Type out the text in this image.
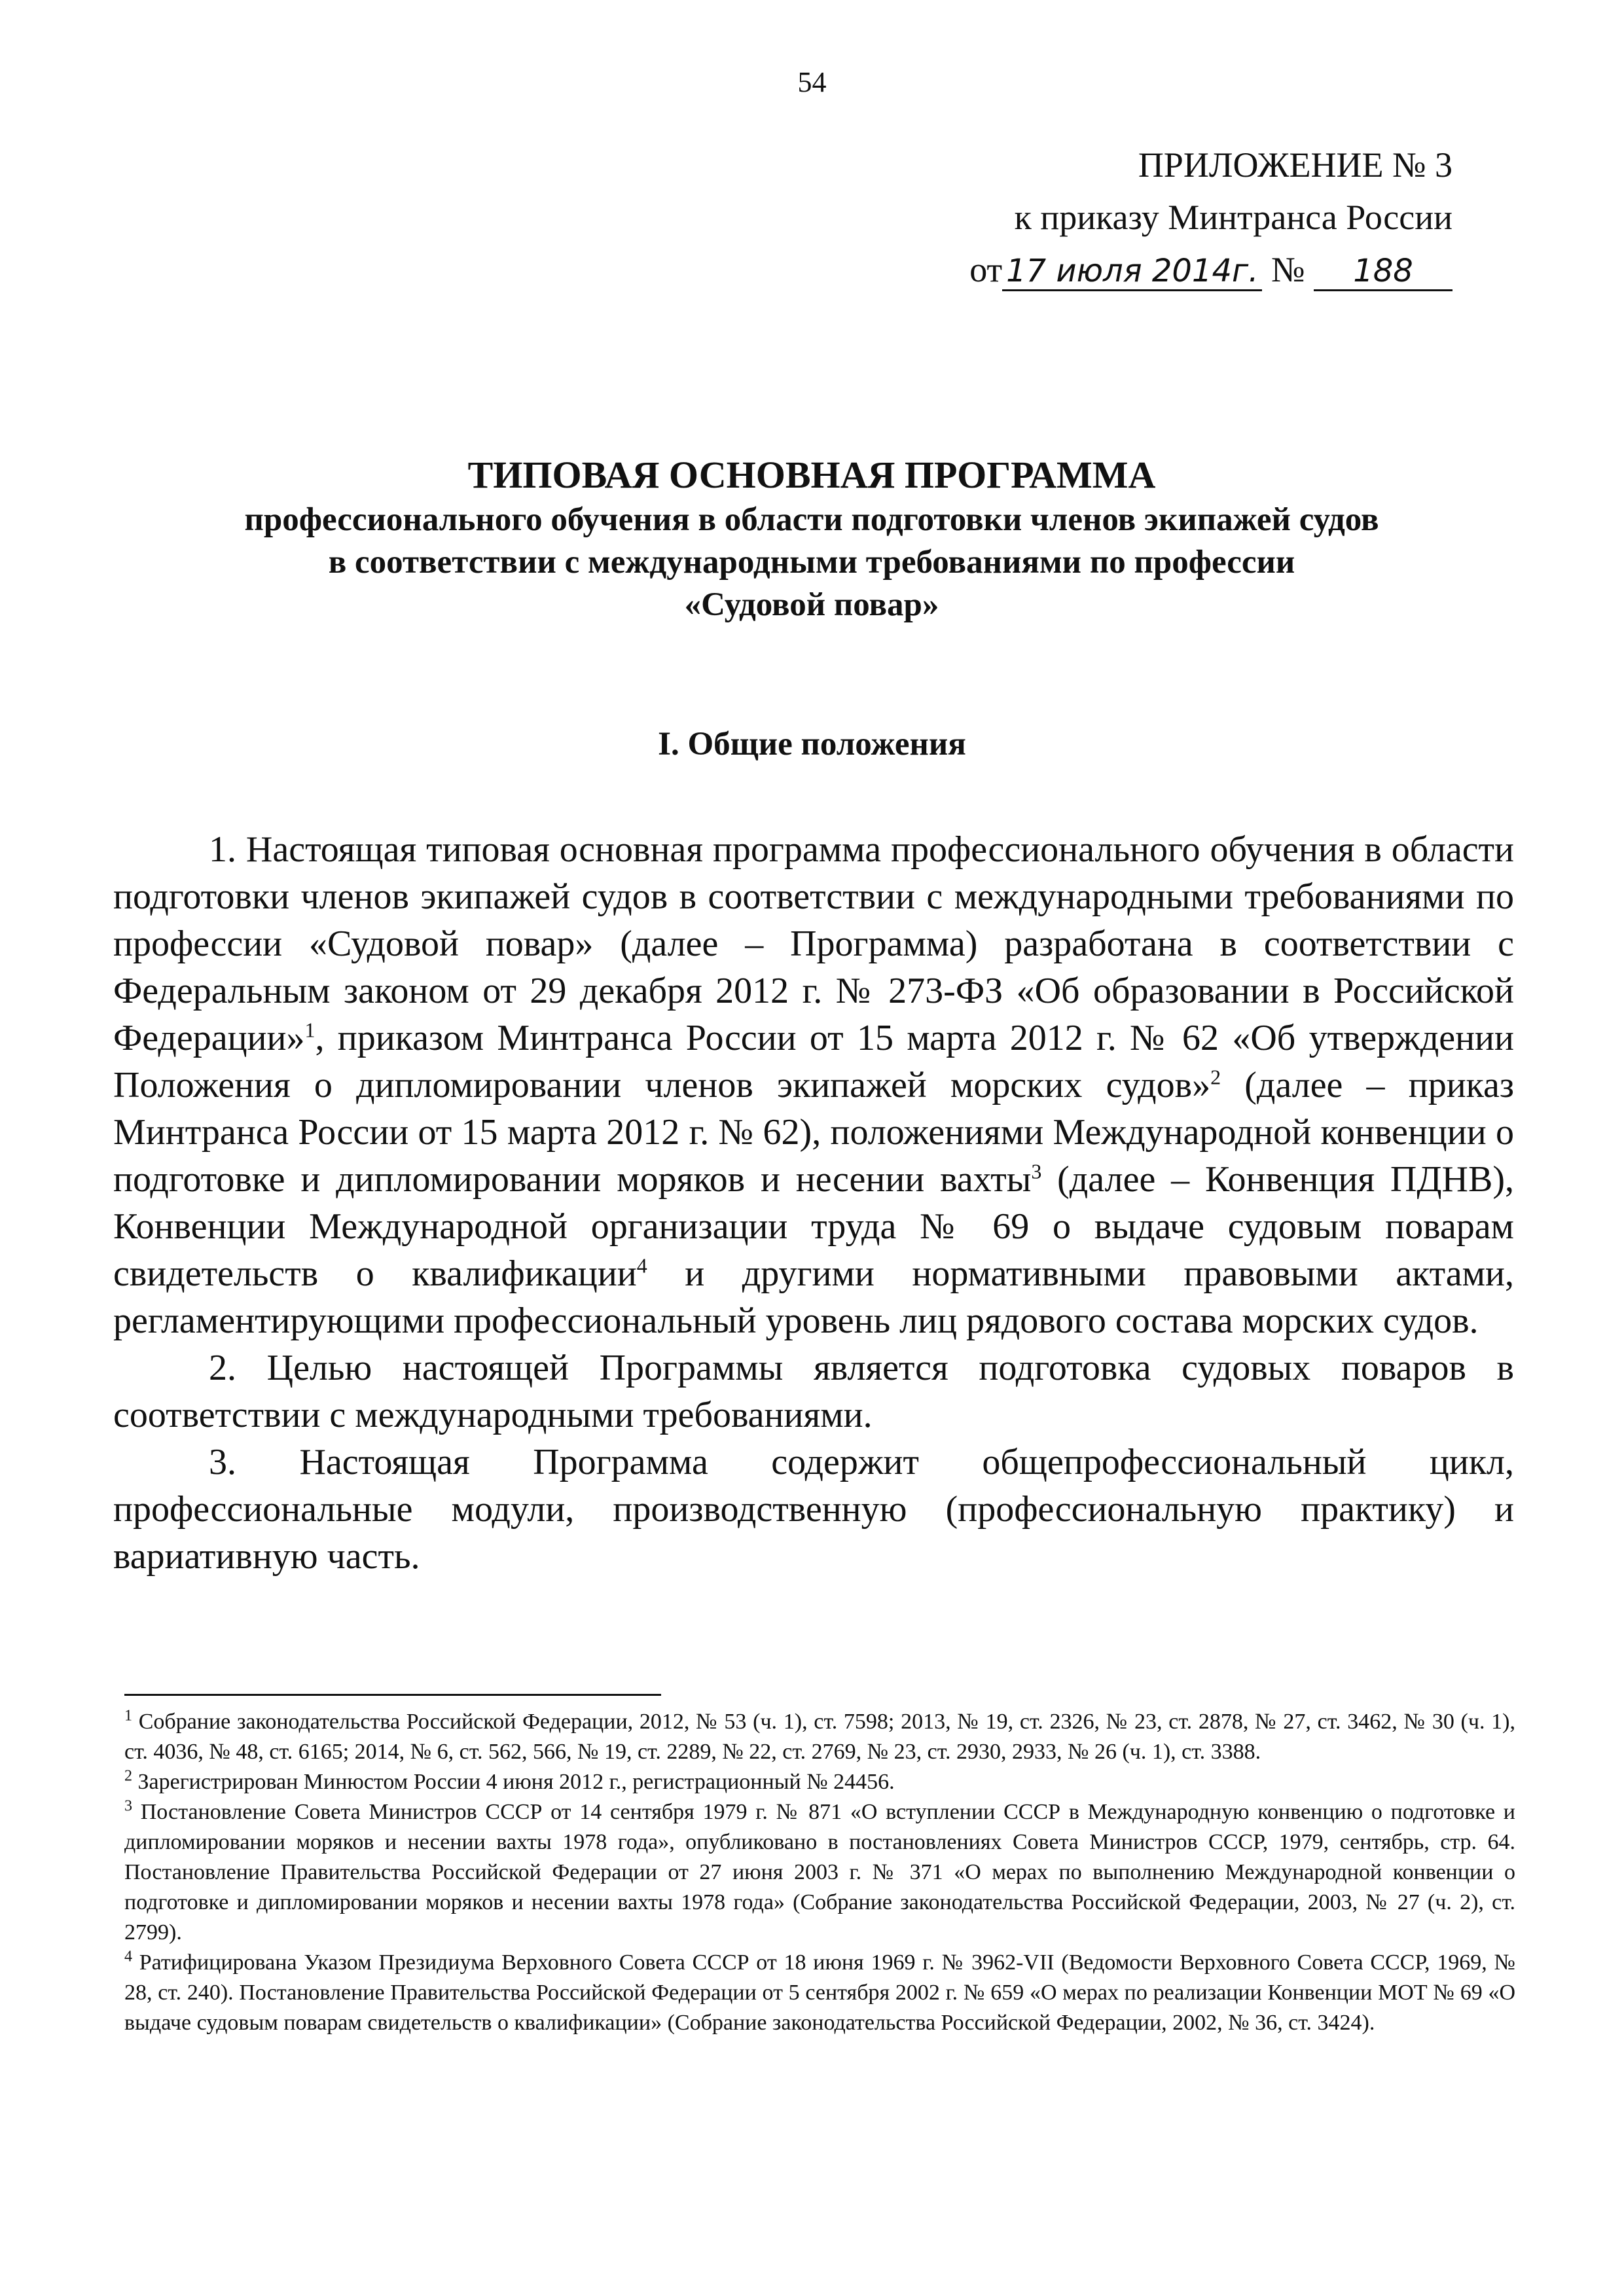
54
ПРИЛОЖЕНИЕ № 3
к приказу Минтранса России
от 17 июля 2014г. № 188
ТИПОВАЯ ОСНОВНАЯ ПРОГРАММА
профессионального обучения в области подготовки членов экипажей судов
в соответствии с международными требованиями по профессии
«Судовой повар»
I. Общие положения

1. Настоящая типовая основная программа профессионального обучения в области подготовки членов экипажей судов в соответствии с международными требованиями по профессии «Судовой повар» (далее – Программа) разработана в соответствии с Федеральным законом от 29 декабря 2012 г. № 273-ФЗ «Об образовании в Российской Федерации»$^1$, приказом Минтранса России от 15 марта 2012 г. № 62 «Об утверждении Положения о дипломировании членов экипажей морских судов»$^2$ (далее – приказ Минтранса России от 15 марта 2012 г. № 62), положениями Международной конвенции о подготовке и дипломировании моряков и несении вахты$^3$ (далее – Конвенция ПДНВ), Конвенции Международной организации труда № 69 о выдаче судовым поварам свидетельств о квалификации$^4$ и другими нормативными правовыми актами, регламентирующими профессиональный уровень лиц рядового состава морских судов.

2. Целью настоящей Программы является подготовка судовых поваров в соответствии с международными требованиями.

3. Настоящая Программа содержит общепрофессиональный цикл, профессиональные модули, производственную (профессиональную практику) и вариативную часть.

$^1$ Собрание законодательства Российской Федерации, 2012, № 53 (ч. 1), ст. 7598; 2013, № 19, ст. 2326, № 23, ст. 2878, № 27, ст. 3462, № 30 (ч. 1), ст. 4036, № 48, ст. 6165; 2014, № 6, ст. 562, 566, № 19, ст. 2289, № 22, ст. 2769, № 23, ст. 2930, 2933, № 26 (ч. 1), ст. 3388.

$^2$ Зарегистрирован Минюстом России 4 июня 2012 г., регистрационный № 24456.

$^3$ Постановление Совета Министров СССР от 14 сентября 1979 г. № 871 «О вступлении СССР в Международную конвенцию о подготовке и дипломировании моряков и несении вахты 1978 года», опубликовано в постановлениях Совета Министров СССР, 1979, сентябрь, стр. 64. Постановление Правительства Российской Федерации от 27 июня 2003 г. № 371 «О мерах по выполнению Международной конвенции о подготовке и дипломировании моряков и несении вахты 1978 года» (Собрание законодательства Российской Федерации, 2003, № 27 (ч. 2), ст. 2799).

$^4$ Ратифицирована Указом Президиума Верховного Совета СССР от 18 июня 1969 г. № 3962-VII (Ведомости Верховного Совета СССР, 1969, № 28, ст. 240). Постановление Правительства Российской Федерации от 5 сентября 2002 г. № 659 «О мерах по реализации Конвенции МОТ № 69 «О выдаче судовым поварам свидетельств о квалификации» (Собрание законодательства Российской Федерации, 2002, № 36, ст. 3424).
